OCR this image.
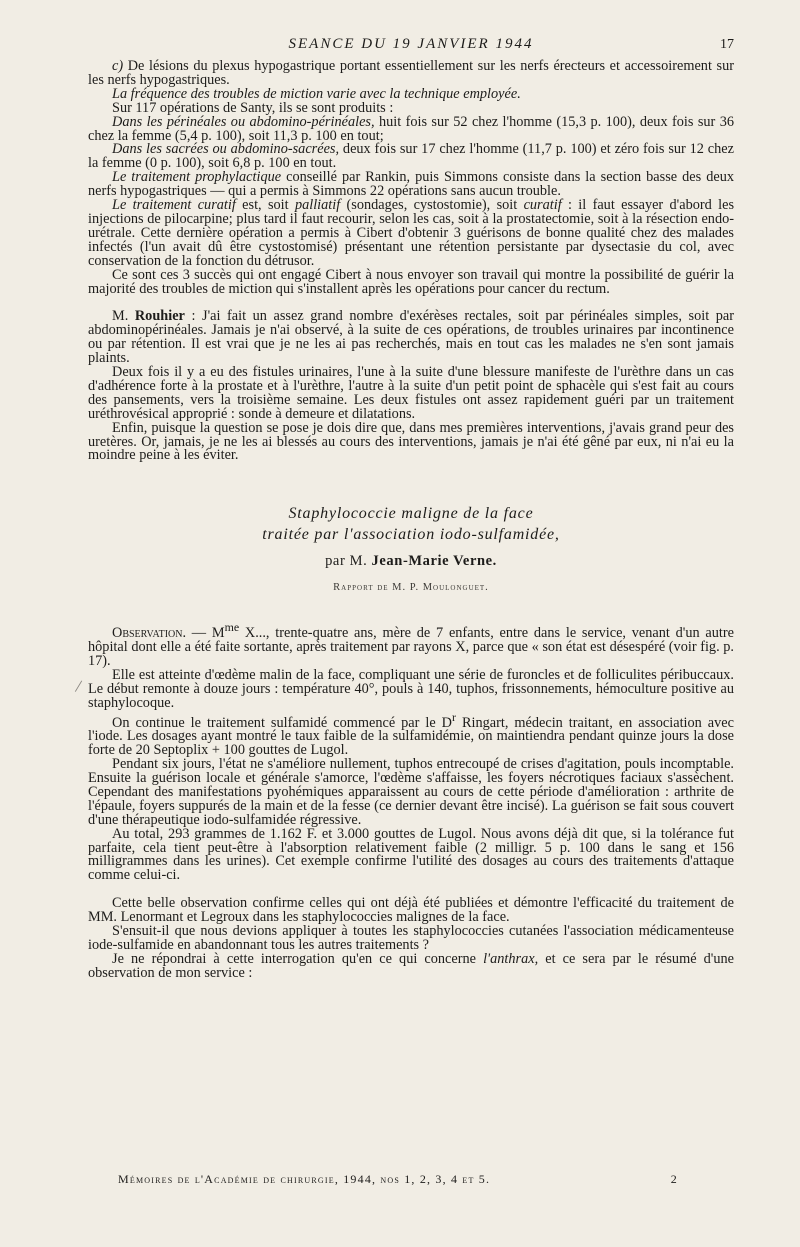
/
SEANCE DU 19 JANVIER 1944	17

c) De lésions du plexus hypogastrique portant essentiellement sur les nerfs érecteurs et accessoirement sur les nerfs hypogastriques.

La fréquence des troubles de miction varie avec la technique employée.

Sur 117 opérations de Santy, ils se sont produits :

Dans les périnéales ou abdomino-périnéales, huit fois sur 52 chez l'homme (15,3 p. 100), deux fois sur 36 chez la femme (5,4 p. 100), soit 11,3 p. 100 en tout;

Dans les sacrées ou abdomino-sacrées, deux fois sur 17 chez l'homme (11,7 p. 100) et zéro fois sur 12 chez la femme (0 p. 100), soit 6,8 p. 100 en tout.

Le traitement prophylactique conseillé par Rankin, puis Simmons consiste dans la section basse des deux nerfs hypogastriques — qui a permis à Simmons 22 opérations sans aucun trouble.

Le traitement curatif est, soit palliatif (sondages, cystostomie), soit curatif : il faut essayer d'abord les injections de pilocarpine; plus tard il faut recourir, selon les cas, soit à la prostatectomie, soit à la résection endo-urétrale. Cette dernière opération a permis à Cibert d'obtenir 3 guérisons de bonne qualité chez des malades infectés (l'un avait dû être cystostomisé) présentant une rétention persistante par dysectasie du col, avec conservation de la fonction du détrusor.

Ce sont ces 3 succès qui ont engagé Cibert à nous envoyer son travail qui montre la possibilité de guérir la majorité des troubles de miction qui s'installent après les opérations pour cancer du rectum.

M. Rouhier : J'ai fait un assez grand nombre d'exérèses rectales, soit par périnéales simples, soit par abdominopérinéales. Jamais je n'ai observé, à la suite de ces opérations, de troubles urinaires par incontinence ou par rétention. Il est vrai que je ne les ai pas recherchés, mais en tout cas les malades ne s'en sont jamais plaints.

Deux fois il y a eu des fistules urinaires, l'une à la suite d'une blessure manifeste de l'urèthre dans un cas d'adhérence forte à la prostate et à l'urèthre, l'autre à la suite d'un petit point de sphacèle qui s'est fait au cours des pansements, vers la troisième semaine. Les deux fistules ont assez rapidement guéri par un traitement uréthrovésical approprié : sonde à demeure et dilatations.

Enfin, puisque la question se pose je dois dire que, dans mes premières interventions, j'avais grand peur des uretères. Or, jamais, je ne les ai blessés au cours des interventions, jamais je n'ai été gêné par eux, ni n'ai eu la moindre peine à les éviter.

Staphylococcie maligne de la face
traitée par l'association iodo-sulfamidée,
par M. Jean-Marie Verne.
Rapport de M. P. Moulonguet.

Observation. — $M^{me}$ X..., trente-quatre ans, mère de 7 enfants, entre dans le service, venant d'un autre hôpital dont elle a été faite sortante, après traitement par rayons X, parce que « son état est désespéré (voir fig. p. 17).

Elle est atteinte d'œdème malin de la face, compliquant une série de furoncles et de folliculites péribuccaux. Le début remonte à douze jours : température 40°, pouls à 140, tuphos, frissonnements, hémoculture positive au staphylocoque.

On continue le traitement sulfamidé commencé par le $D^r$ Ringart, médecin traitant, en association avec l'iode. Les dosages ayant montré le taux faible de la sulfamidémie, on maintiendra pendant quinze jours la dose forte de 20 Septoplix + 100 gouttes de Lugol.

Pendant six jours, l'état ne s'améliore nullement, tuphos entrecoupé de crises d'agitation, pouls incomptable. Ensuite la guérison locale et générale s'amorce, l'œdème s'affaisse, les foyers nécrotiques faciaux s'assèchent. Cependant des manifestations pyohémiques apparaissent au cours de cette période d'amélioration : arthrite de l'épaule, foyers suppurés de la main et de la fesse (ce dernier devant être incisé). La guérison se fait sous couvert d'une thérapeutique iodo-sulfamidée régressive.

Au total, 293 grammes de 1.162 F. et 3.000 gouttes de Lugol. Nous avons déjà dit que, si la tolérance fut parfaite, cela tient peut-être à l'absorption relativement faible (2 milligr. 5 p. 100 dans le sang et 156 milligrammes dans les urines). Cet exemple confirme l'utilité des dosages au cours des traitements d'attaque comme celui-ci.

Cette belle observation confirme celles qui ont déjà été publiées et démontre l'efficacité du traitement de MM. Lenormant et Legroux dans les staphylococcies malignes de la face.

S'ensuit-il que nous devions appliquer à toutes les staphylococcies cutanées l'association médicamenteuse iode-sulfamide en abandonnant tous les autres traitements ?

Je ne répondrai à cette interrogation qu'en ce qui concerne l'anthrax, et ce sera par le résumé d'une observation de mon service :

Mémoires de l'Académie de chirurgie, 1944, nos 1, 2, 3, 4 et 5.	2
